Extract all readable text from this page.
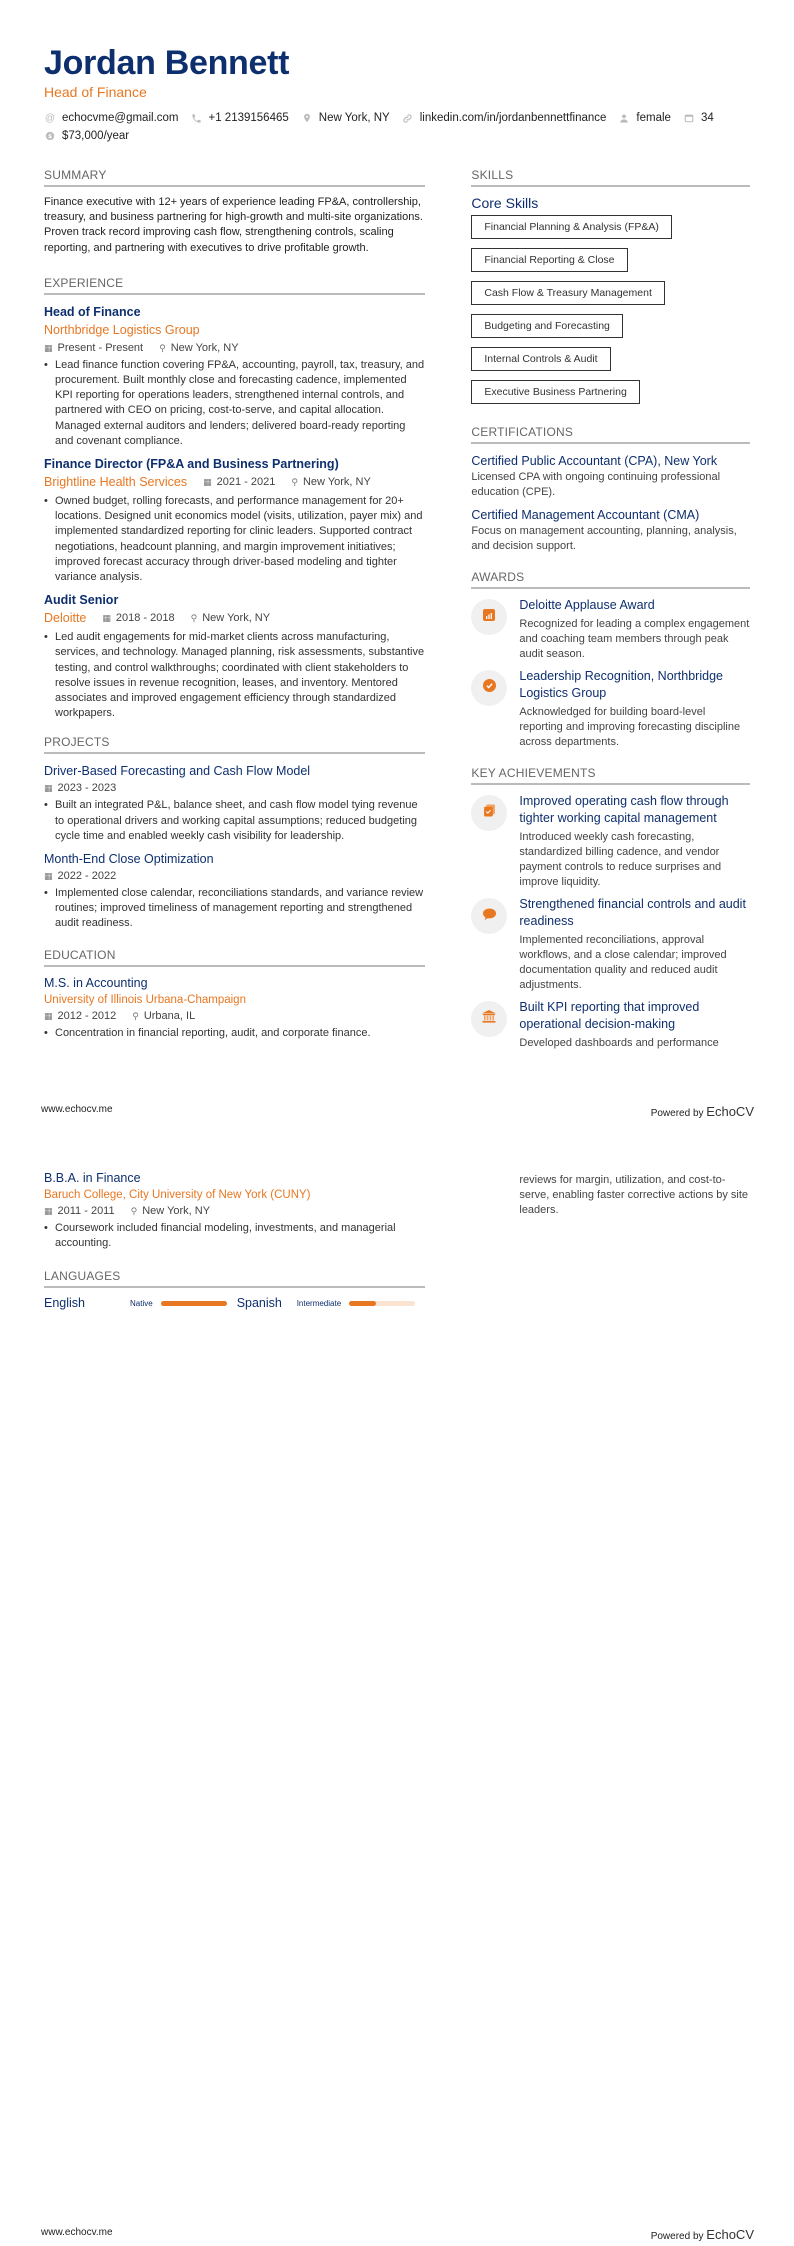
Jordan Bennett
Head of Finance
@ echocvme@gmail.com	+1 2139156465	New York, NY	linkedin.com/in/jordanbennettfinance	female	34
$ $73,000/year
SUMMARY
Finance executive with 12+ years of experience leading FP&A, controllership, treasury, and business partnering for high-growth and multi-site organizations. Proven track record improving cash flow, strengthening controls, scaling reporting, and partnering with executives to drive profitable growth.
EXPERIENCE
Head of Finance
Northbridge Logistics Group
▦ Present - Present ⚲ New York, NY
• Lead finance function covering FP&A, accounting, payroll, tax, treasury, and procurement. Built monthly close and forecasting cadence, implemented KPI reporting for operations leaders, strengthened internal controls, and partnered with CEO on pricing, cost-to-serve, and capital allocation. Managed external auditors and lenders; delivered board-ready reporting and covenant compliance.
Finance Director (FP&A and Business Partnering)
Brightline Health Services ▦ 2021 - 2021 ⚲ New York, NY
• Owned budget, rolling forecasts, and performance management for 20+ locations. Designed unit economics model (visits, utilization, payer mix) and implemented standardized reporting for clinic leaders. Supported contract negotiations, headcount planning, and margin improvement initiatives; improved forecast accuracy through driver-based modeling and tighter variance analysis.
Audit Senior
Deloitte ▦ 2018 - 2018 ⚲ New York, NY
• Led audit engagements for mid-market clients across manufacturing, services, and technology. Managed planning, risk assessments, substantive testing, and control walkthroughs; coordinated with client stakeholders to resolve issues in revenue recognition, leases, and inventory. Mentored associates and improved engagement efficiency through standardized workpapers.
PROJECTS
Driver-Based Forecasting and Cash Flow Model
▦ 2023 - 2023
• Built an integrated P&L, balance sheet, and cash flow model tying revenue to operational drivers and working capital assumptions; reduced budgeting cycle time and enabled weekly cash visibility for leadership.
Month-End Close Optimization
▦ 2022 - 2022
• Implemented close calendar, reconciliations standards, and variance review routines; improved timeliness of management reporting and strengthened audit readiness.
EDUCATION
M.S. in Accounting
University of Illinois Urbana-Champaign
▦ 2012 - 2012 ⚲ Urbana, IL
• Concentration in financial reporting, audit, and corporate finance.
SKILLS
Core Skills
Financial Planning & Analysis (FP&A)
Financial Reporting & Close
Cash Flow & Treasury Management
Budgeting and Forecasting
Internal Controls & Audit
Executive Business Partnering
CERTIFICATIONS
Certified Public Accountant (CPA), New York
Licensed CPA with ongoing continuing professional education (CPE).
Certified Management Accountant (CMA)
Focus on management accounting, planning, analysis, and decision support.
AWARDS
Deloitte Applause Award
Recognized for leading a complex engagement and coaching team members through peak audit season.
Leadership Recognition, Northbridge Logistics Group
Acknowledged for building board-level reporting and improving forecasting discipline across departments.
KEY ACHIEVEMENTS
Improved operating cash flow through tighter working capital management
Introduced weekly cash forecasting, standardized billing cadence, and vendor payment controls to reduce surprises and improve liquidity.
Strengthened financial controls and audit readiness
Implemented reconciliations, approval workflows, and a close calendar; improved documentation quality and reduced audit adjustments.
Built KPI reporting that improved operational decision-making
Developed dashboards and performance
www.echocv.me	Powered by EchoCV
B.B.A. in Finance
Baruch College, City University of New York (CUNY)
▦ 2011 - 2011 ⚲ New York, NY
• Coursework included financial modeling, investments, and managerial accounting.
LANGUAGES
English	Native	Spanish	Intermediate
reviews for margin, utilization, and cost-to-serve, enabling faster corrective actions by site leaders.
www.echocv.me	Powered by EchoCV
